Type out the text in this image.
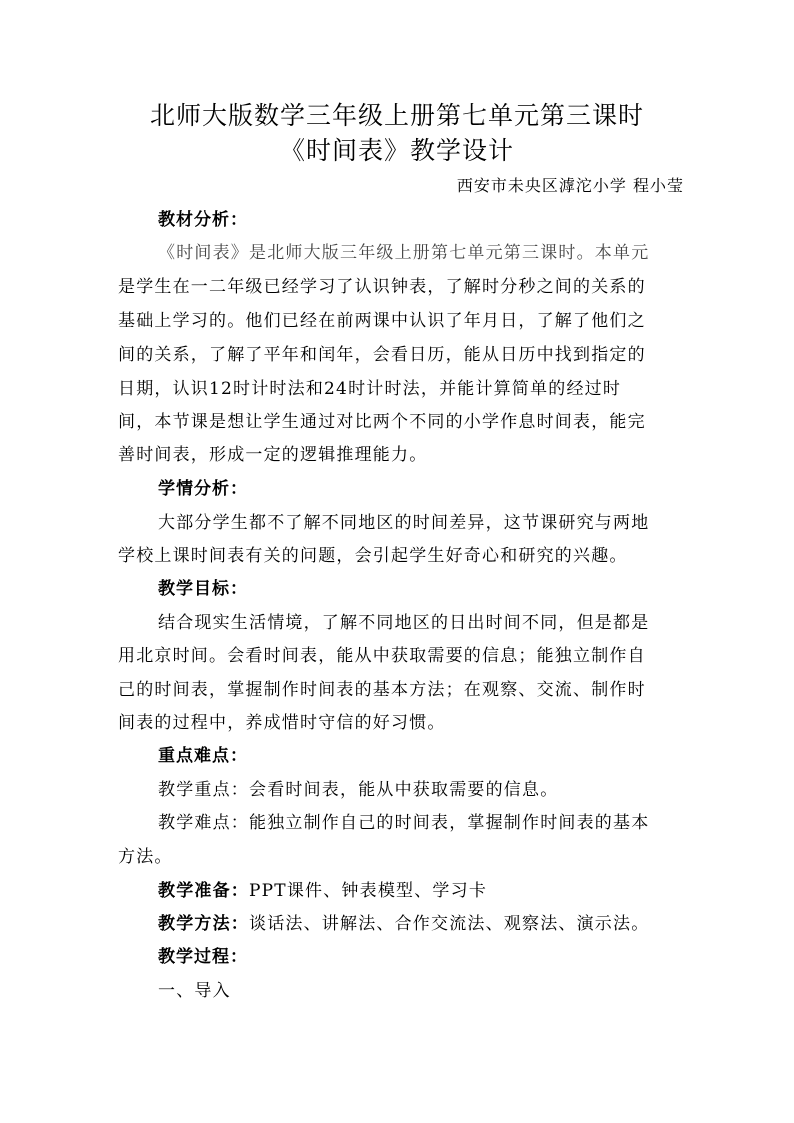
北师大版数学三年级上册第七单元第三课时
《时间表》教学设计
西安市未央区滹沱小学 程小莹
教材分析：
《时间表》是北师大版三年级上册第七单元第三课时。本单元
是学生在一二年级已经学习了认识钟表，了解时分秒之间的关系的
基础上学习的。他们已经在前两课中认识了年月日，了解了他们之
间的关系，了解了平年和闰年，会看日历，能从日历中找到指定的
日期，认识12时计时法和24时计时法，并能计算简单的经过时
间，本节课是想让学生通过对比两个不同的小学作息时间表，能完
善时间表，形成一定的逻辑推理能力。
学情分析：
大部分学生都不了解不同地区的时间差异，这节课研究与两地
学校上课时间表有关的问题，会引起学生好奇心和研究的兴趣。
教学目标：
结合现实生活情境，了解不同地区的日出时间不同，但是都是
用北京时间。会看时间表，能从中获取需要的信息；能独立制作自
己的时间表，掌握制作时间表的基本方法；在观察、交流、制作时
间表的过程中，养成惜时守信的好习惯。
重点难点：
教学重点：会看时间表，能从中获取需要的信息。
教学难点：能独立制作自己的时间表，掌握制作时间表的基本
方法。
教学准备：PPT课件、钟表模型、学习卡
教学方法：谈话法、讲解法、合作交流法、观察法、演示法。
教学过程：
一、导入
